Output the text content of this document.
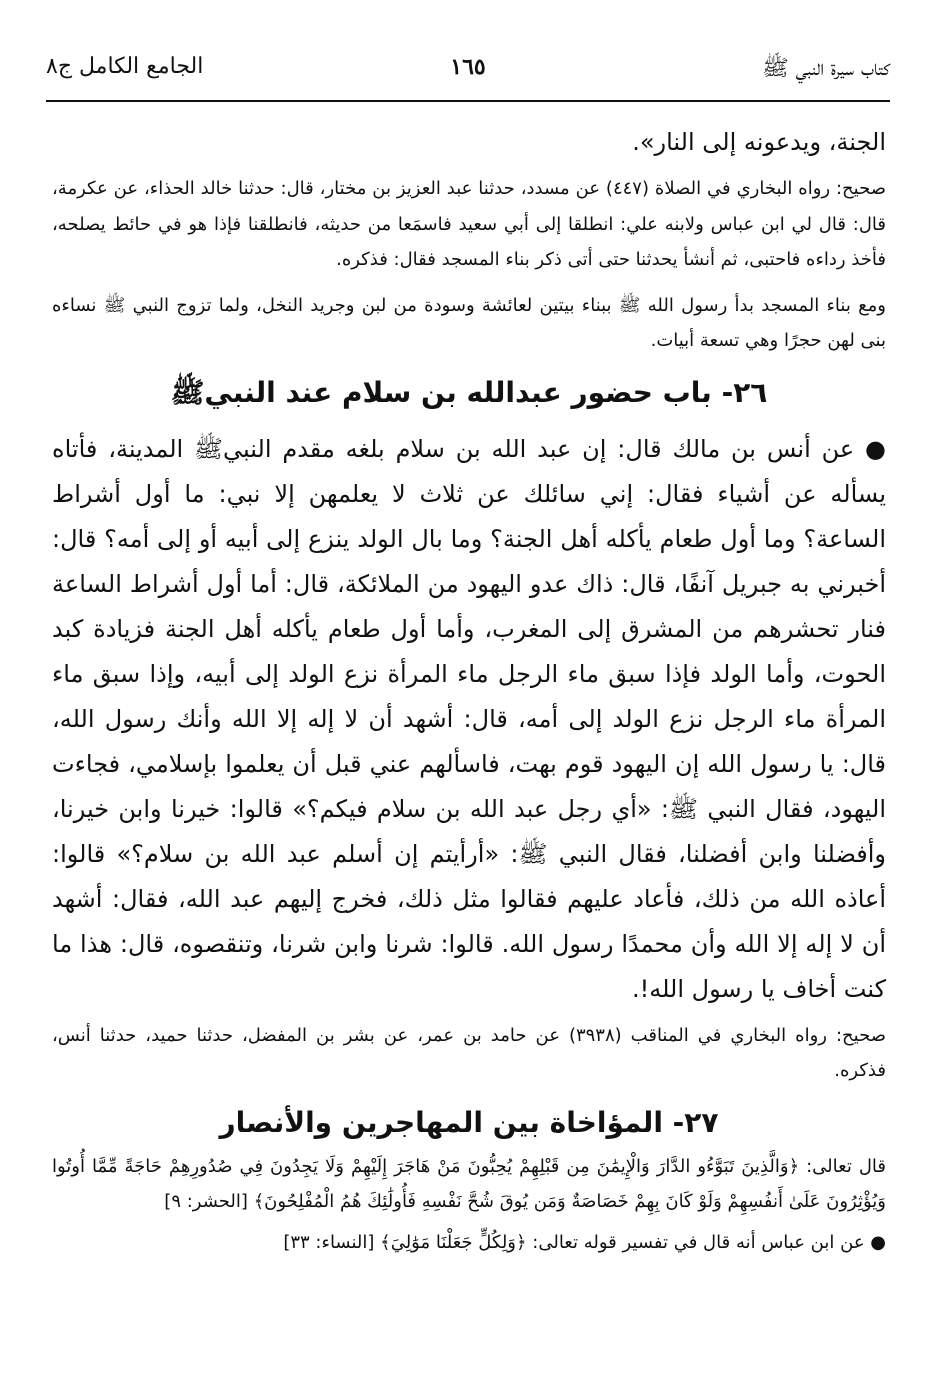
كتاب سيرة النبي ﷺ
١٦٥
الجامع الكامل ج٨

الجنة، ويدعونه إلى النار».

صحيح: رواه البخاري في الصلاة (٤٤٧) عن مسدد، حدثنا عبد العزيز بن مختار، قال: حدثنا خالد الحذاء، عن عكرمة، قال: قال لي ابن عباس ولابنه علي: انطلقا إلى أبي سعيد فاسمَعا من حديثه، فانطلقنا فإذا هو في حائط يصلحه، فأخذ رداءه فاحتبى، ثم أنشأ يحدثنا حتى أتى ذكر بناء المسجد فقال: فذكره.

ومع بناء المسجد بدأ رسول الله ﷺ ببناء بيتين لعائشة وسودة من لبن وجريد النخل، ولما تزوج النبي ﷺ نساءه بنى لهن حجرًا وهي تسعة أبيات.

٢٦- باب حضور عبدالله بن سلام عند النبيﷺ

● عن أنس بن مالك قال: إن عبد الله بن سلام بلغه مقدم النبيﷺ المدينة، فأتاه يسأله عن أشياء فقال: إني سائلك عن ثلاث لا يعلمهن إلا نبي: ما أول أشراط الساعة؟ وما أول طعام يأكله أهل الجنة؟ وما بال الولد ينزع إلى أبيه أو إلى أمه؟ قال: أخبرني به جبريل آنفًا، قال: ذاك عدو اليهود من الملائكة، قال: أما أول أشراط الساعة فنار تحشرهم من المشرق إلى المغرب، وأما أول طعام يأكله أهل الجنة فزيادة كبد الحوت، وأما الولد فإذا سبق ماء الرجل ماء المرأة نزع الولد إلى أبيه، وإذا سبق ماء المرأة ماء الرجل نزع الولد إلى أمه، قال: أشهد أن لا إله إلا الله وأنك رسول الله، قال: يا رسول الله إن اليهود قوم بهت، فاسألهم عني قبل أن يعلموا بإسلامي، فجاءت اليهود، فقال النبي ﷺ: «أي رجل عبد الله بن سلام فيكم؟» قالوا: خيرنا وابن خيرنا، وأفضلنا وابن أفضلنا، فقال النبي ﷺ: «أرأيتم إن أسلم عبد الله بن سلام؟» قالوا: أعاذه الله من ذلك، فأعاد عليهم فقالوا مثل ذلك، فخرج إليهم عبد الله، فقال: أشهد أن لا إله إلا الله وأن محمدًا رسول الله. قالوا: شرنا وابن شرنا، وتنقصوه، قال: هذا ما كنت أخاف يا رسول الله!.

صحيح: رواه البخاري في المناقب (٣٩٣٨) عن حامد بن عمر، عن بشر بن المفضل، حدثنا حميد، حدثنا أنس، فذكره.

٢٧- المؤاخاة بين المهاجرين والأنصار

قال تعالى: ﴿وَالَّذِينَ تَبَوَّءُو الدَّارَ وَالْإِيمَٰنَ مِن قَبْلِهِمْ يُحِبُّونَ مَنْ هَاجَرَ إِلَيْهِمْ وَلَا يَجِدُونَ فِي صُدُورِهِمْ حَاجَةً مِّمَّا أُوتُوا وَيُؤْثِرُونَ عَلَىٰ أَنفُسِهِمْ وَلَوْ كَانَ بِهِمْ خَصَاصَةٌ وَمَن يُوقَ شُحَّ نَفْسِهِ فَأُولَٰئِكَ هُمُ الْمُفْلِحُونَ﴾ [الحشر: ٩]

● عن ابن عباس أنه قال في تفسير قوله تعالى: ﴿وَلِكُلٍّ جَعَلْنَا مَوَٰلِيَ﴾ [النساء: ٣٣]
